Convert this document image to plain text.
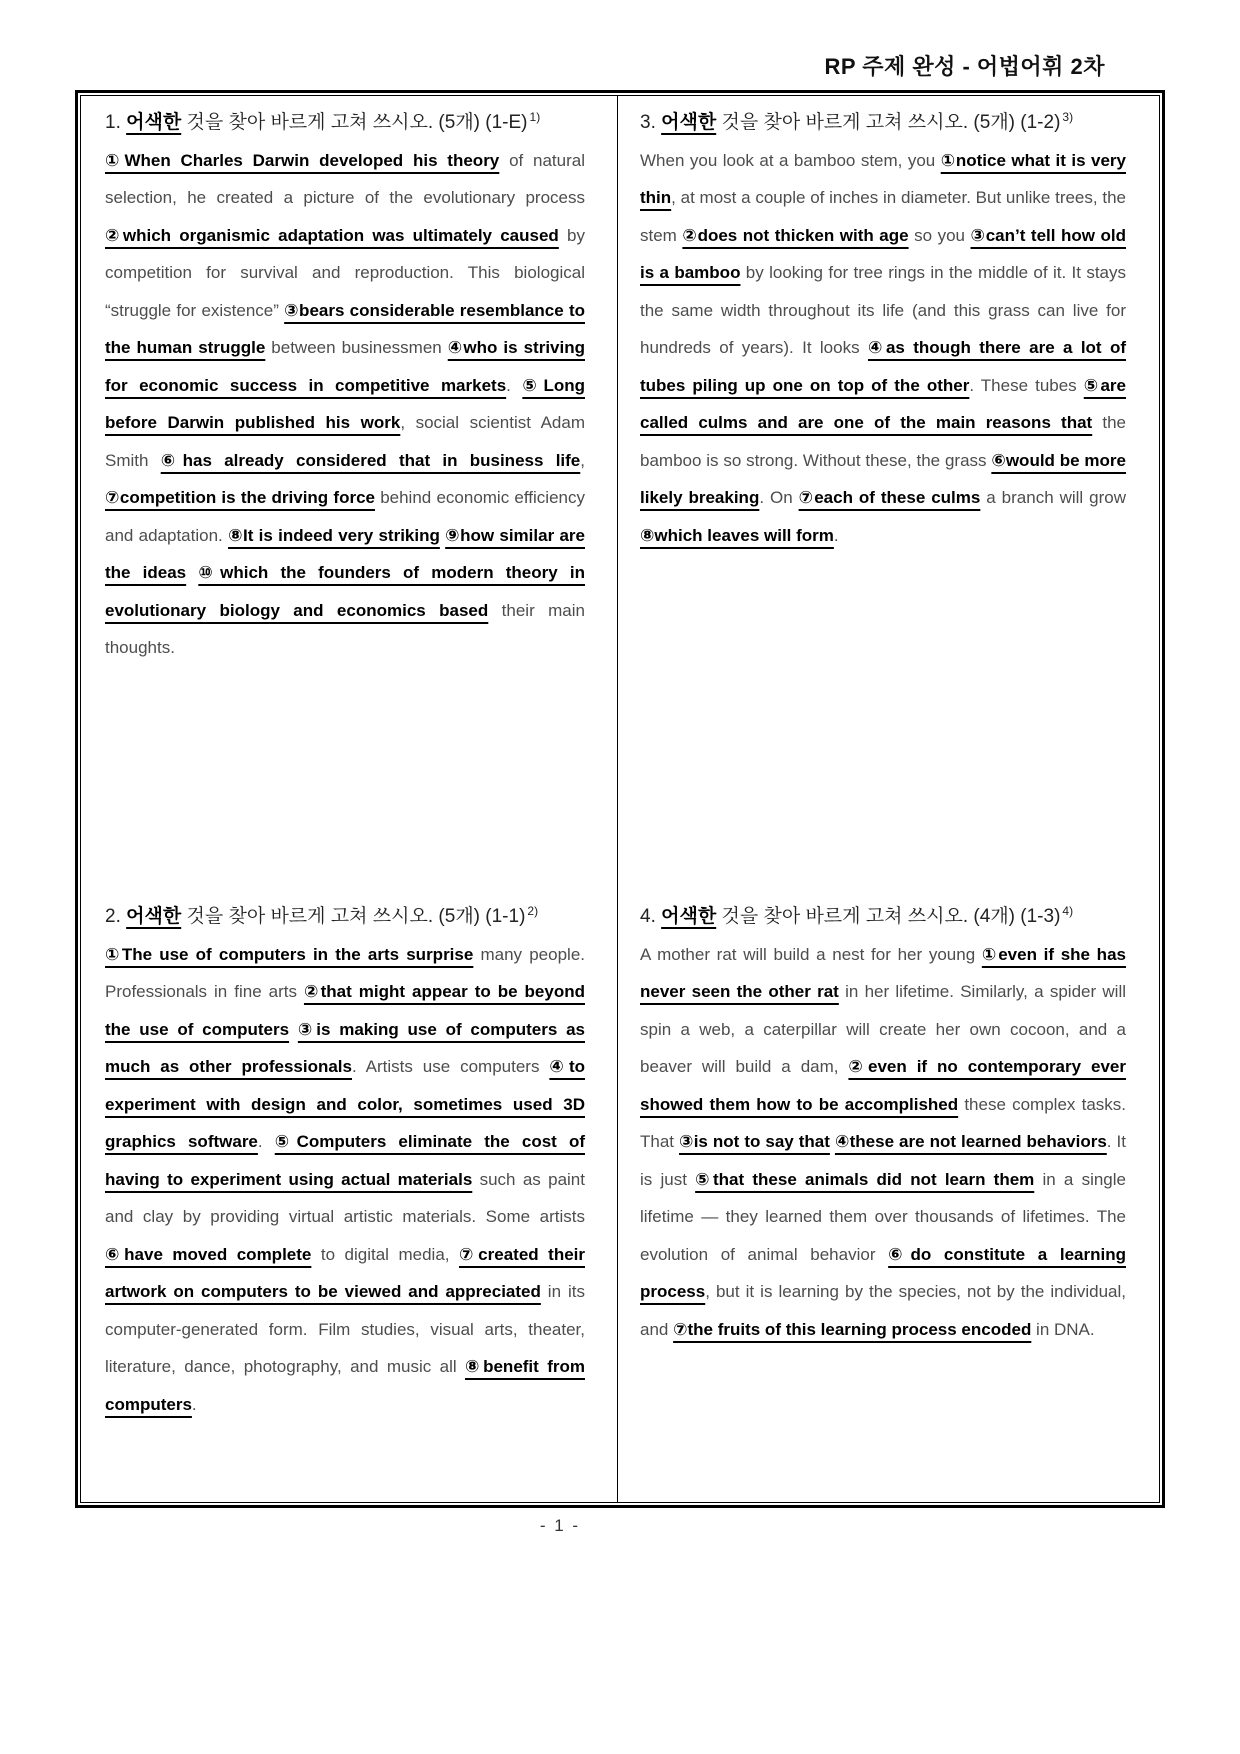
RP 주제 완성 - 어법어휘 2차
1. 어색한 것을 찾아 바르게 고쳐 쓰시오. (5개) (1-E) $^{1)}$
①When Charles Darwin developed his theory of natural selection, he created a picture of the evolutionary process ②which organismic adaptation was ultimately caused by competition for survival and reproduction. This biological “struggle for existence” ③bears considerable resemblance to the human struggle between businessmen ④who is striving for economic success in competitive markets. ⑤Long before Darwin published his work, social scientist Adam Smith ⑥has already considered that in business life, ⑦competition is the driving force behind economic efficiency and adaptation. ⑧It is indeed very striking ⑨how similar are the ideas ⑩which the founders of modern theory in evolutionary biology and economics based their main thoughts.
2. 어색한 것을 찾아 바르게 고쳐 쓰시오. (5개) (1-1) $^{2)}$
①The use of computers in the arts surprise many people. Professionals in fine arts ②that might appear to be beyond the use of computers ③is making use of computers as much as other professionals. Artists use computers ④to experiment with design and color, sometimes used 3D graphics software. ⑤Computers eliminate the cost of having to experiment using actual materials such as paint and clay by providing virtual artistic materials. Some artists ⑥have moved complete to digital media, ⑦created their artwork on computers to be viewed and appreciated in its computer-generated form. Film studies, visual arts, theater, literature, dance, photography, and music all ⑧benefit from computers.
3. 어색한 것을 찾아 바르게 고쳐 쓰시오. (5개) (1-2) $^{3)}$
When you look at a bamboo stem, you ①notice what it is very thin, at most a couple of inches in diameter. But unlike trees, the stem ②does not thicken with age so you ③can’t tell how old is a bamboo by looking for tree rings in the middle of it. It stays the same width throughout its life (and this grass can live for hundreds of years). It looks ④as though there are a lot of tubes piling up one on top of the other. These tubes ⑤are called culms and are one of the main reasons that the bamboo is so strong. Without these, the grass ⑥would be more likely breaking. On ⑦each of these culms a branch will grow ⑧which leaves will form.
4. 어색한 것을 찾아 바르게 고쳐 쓰시오. (4개) (1-3) $^{4)}$
A mother rat will build a nest for her young ①even if she has never seen the other rat in her lifetime. Similarly, a spider will spin a web, a caterpillar will create her own cocoon, and a beaver will build a dam, ②even if no contemporary ever showed them how to be accomplished these complex tasks. That ③is not to say that ④these are not learned behaviors. It is just ⑤that these animals did not learn them in a single lifetime — they learned them over thousands of lifetimes. The evolution of animal behavior ⑥do constitute a learning process, but it is learning by the species, not by the individual, and ⑦the fruits of this learning process encoded in DNA.
- 1 -
